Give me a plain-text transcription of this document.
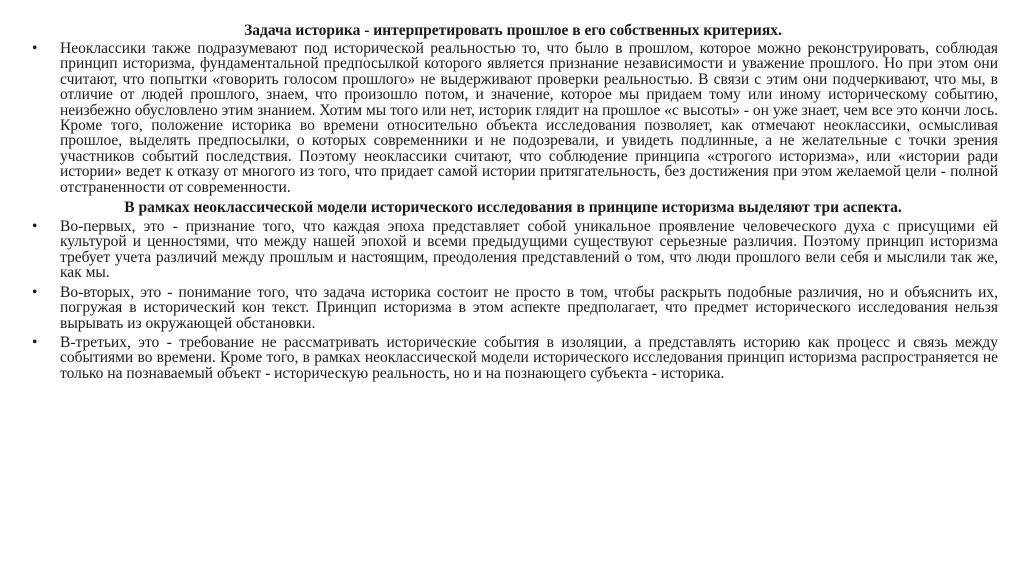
Задача историка - интерпретировать прошлое в его собственных критериях.

• Неоклассики также подразумевают под исторической реальностью то, что было в прошлом, которое можно реконструировать, соблюдая принцип историзма, фундаментальной предпосылкой которого является признание независимости и уважение прошлого. Но при этом они считают, что попытки «говорить голосом прошлого» не выдерживают проверки реальностью. В связи с этим они подчеркивают, что мы, в отличие от людей прошлого, знаем, что произошло потом, и значение, которое мы придаем тому или иному историческому событию, неизбежно обусловлено этим знанием. Хотим мы того или нет, историк глядит на прошлое «с высоты» - он уже знает, чем все это кончи лось. Кроме того, положение историка во времени относительно объекта исследования позволяет, как отмечают неоклассики, осмысливая прошлое, выделять предпосылки, о которых современники и не подозревали, и увидеть подлинные, а не желательные с точки зрения участников событий последствия. Поэтому неоклассики считают, что соблюдение принципа «строгого историзма», или «истории ради истории» ведет к отказу от многого из того, что придает самой истории притягательность, без достижения при этом желаемой цели - полной отстраненности от современности.

В рамках неоклассической модели исторического исследования в принципе историзма выделяют три аспекта.

• Во-первых, это - признание того, что каждая эпоха представляет собой уникальное проявление человеческого духа с присущими ей культурой и ценностями, что между нашей эпохой и всеми предыдущими существуют серьезные различия. Поэтому принцип историзма требует учета различий между прошлым и настоящим, преодоления представлений о том, что люди прошлого вели себя и мыслили так же, как мы.
• Во-вторых, это - понимание того, что задача историка состоит не просто в том, чтобы раскрыть подобные различия, но и объяснить их, погружая в исторический кон текст. Принцип историзма в этом аспекте предполагает, что предмет исторического исследования нельзя вырывать из окружающей обстановки.
• В-третьих, это - требование не рассматривать исторические события в изоляции, а представлять историю как процесс и связь между событиями во времени. Кроме того, в рамках неоклассической модели исторического исследования принцип историзма распространяется не только на познаваемый объект - историческую реальность, но и на познающего субъекта - историка.
